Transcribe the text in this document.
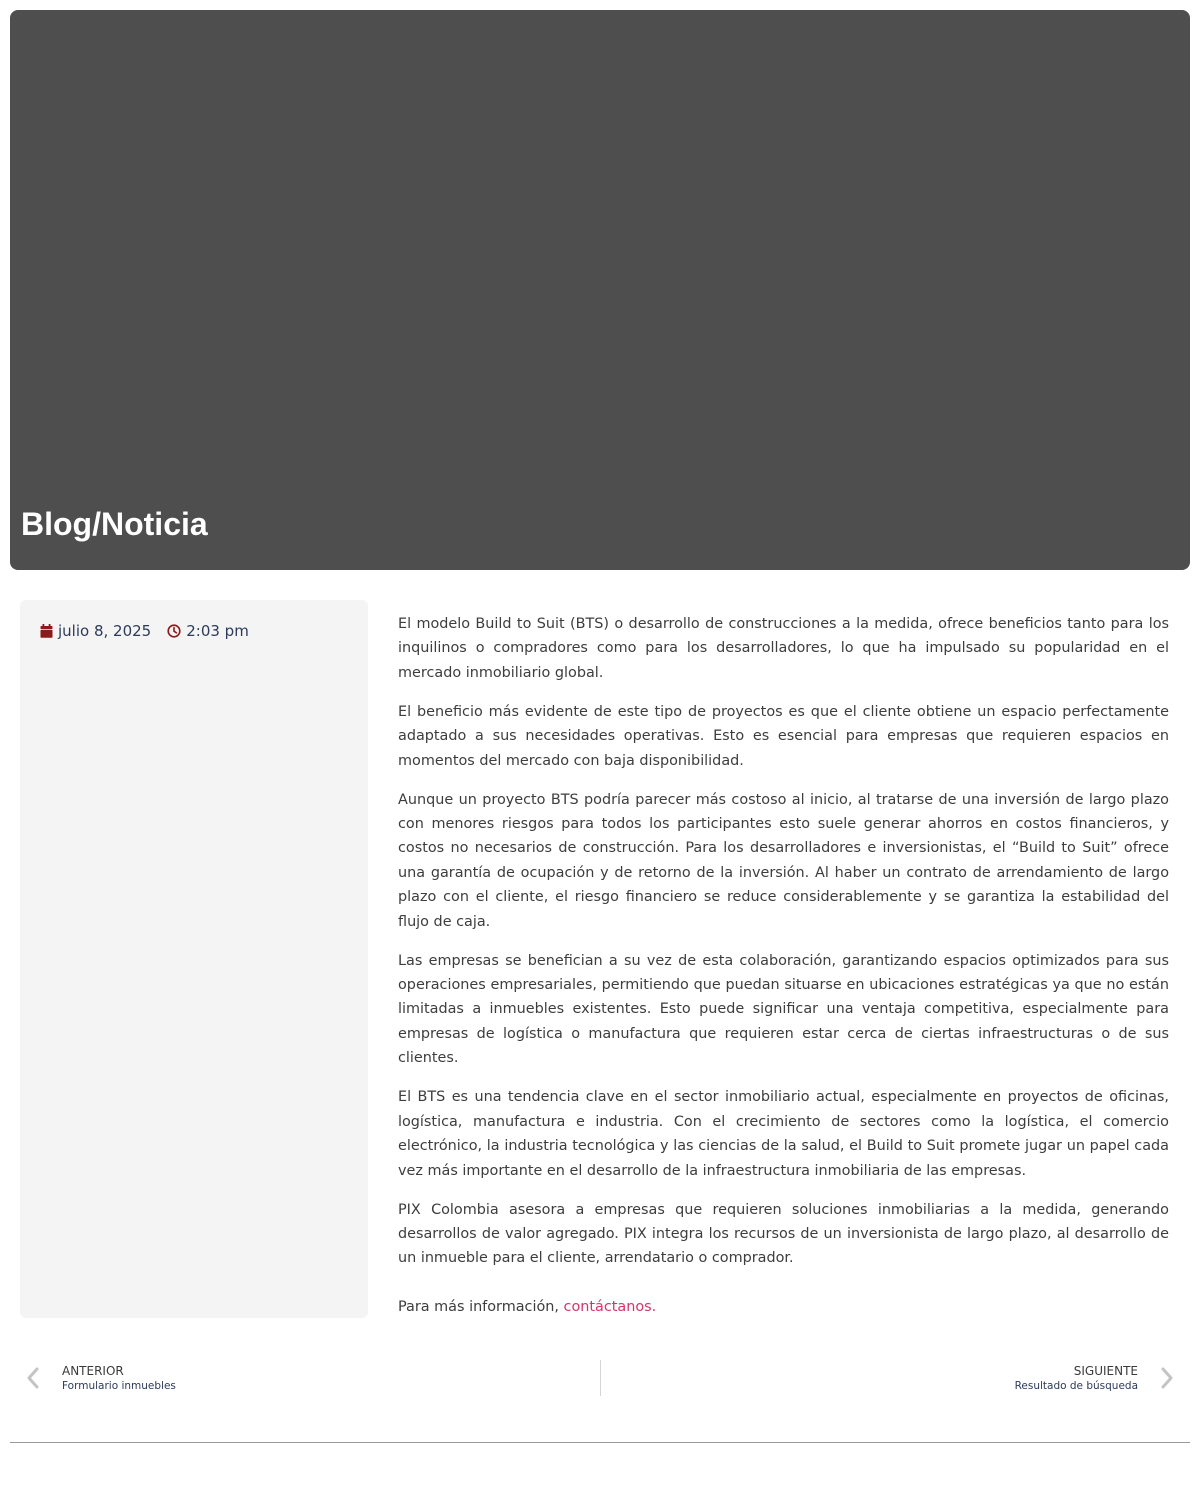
Blog/Noticia
julio 8, 2025 2:03 pm	El modelo Build to Suit (BTS) o desarrollo de construcciones a la medida, ofrece beneficios tanto para los inquilinos o compradores como para los desarrolladores, lo que ha impulsado su popularidad en el mercado inmobiliario global.

El beneficio más evidente de este tipo de proyectos es que el cliente obtiene un espacio perfectamente adaptado a sus necesidades operativas. Esto es esencial para empresas que requieren espacios en momentos del mercado con baja disponibilidad.

Aunque un proyecto BTS podría parecer más costoso al inicio, al tratarse de una inversión de largo plazo con menores riesgos para todos los participantes esto suele generar ahorros en costos financieros, y costos no necesarios de construcción. Para los desarrolladores e inversionistas, el “Build to Suit” ofrece una garantía de ocupación y de retorno de la inversión. Al haber un contrato de arrendamiento de largo plazo con el cliente, el riesgo financiero se reduce considerablemente y se garantiza la estabilidad del flujo de caja.

Las empresas se benefician a su vez de esta colaboración, garantizando espacios optimizados para sus operaciones empresariales, permitiendo que puedan situarse en ubicaciones estratégicas ya que no están limitadas a inmuebles existentes. Esto puede significar una ventaja competitiva, especialmente para empresas de logística o manufactura que requieren estar cerca de ciertas infraestructuras o de sus clientes.

El BTS es una tendencia clave en el sector inmobiliario actual, especialmente en proyectos de oficinas, logística, manufactura e industria. Con el crecimiento de sectores como la logística, el comercio electrónico, la industria tecnológica y las ciencias de la salud, el Build to Suit promete jugar un papel cada vez más importante en el desarrollo de la infraestructura inmobiliaria de las empresas.

PIX Colombia asesora a empresas que requieren soluciones inmobiliarias a la medida, generando desarrollos de valor agregado. PIX integra los recursos de un inversionista de largo plazo, al desarrollo de un inmueble para el cliente, arrendatario o comprador.

Para más información, contáctanos.

ANTERIOR
Formulario inmuebles
SIGUIENTE
Resultado de búsqueda
